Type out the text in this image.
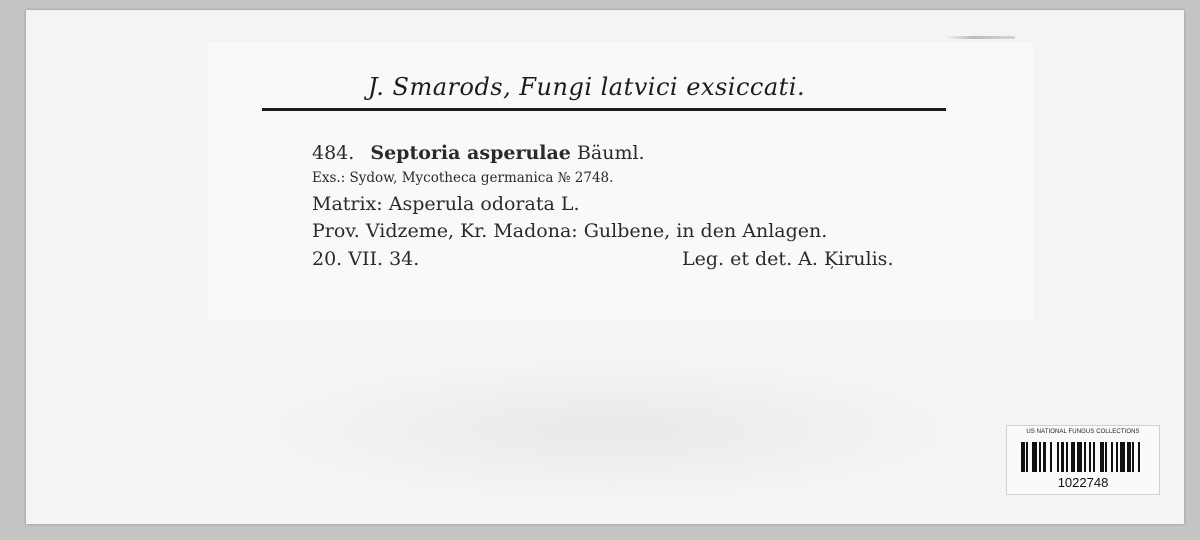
J. Smarods, Fungi latvici exsiccati.
484. Septoria asperulae Bäuml.
Exs.: Sydow, Mycotheca germanica № 2748.
Matrix: Asperula odorata L.
Prov. Vidzeme, Kr. Madona: Gulbene, in den Anlagen.
20. VII. 34.	Leg. et det. A. Ķirulis.
US NATIONAL FUNGUS COLLECTIONS
1022748
